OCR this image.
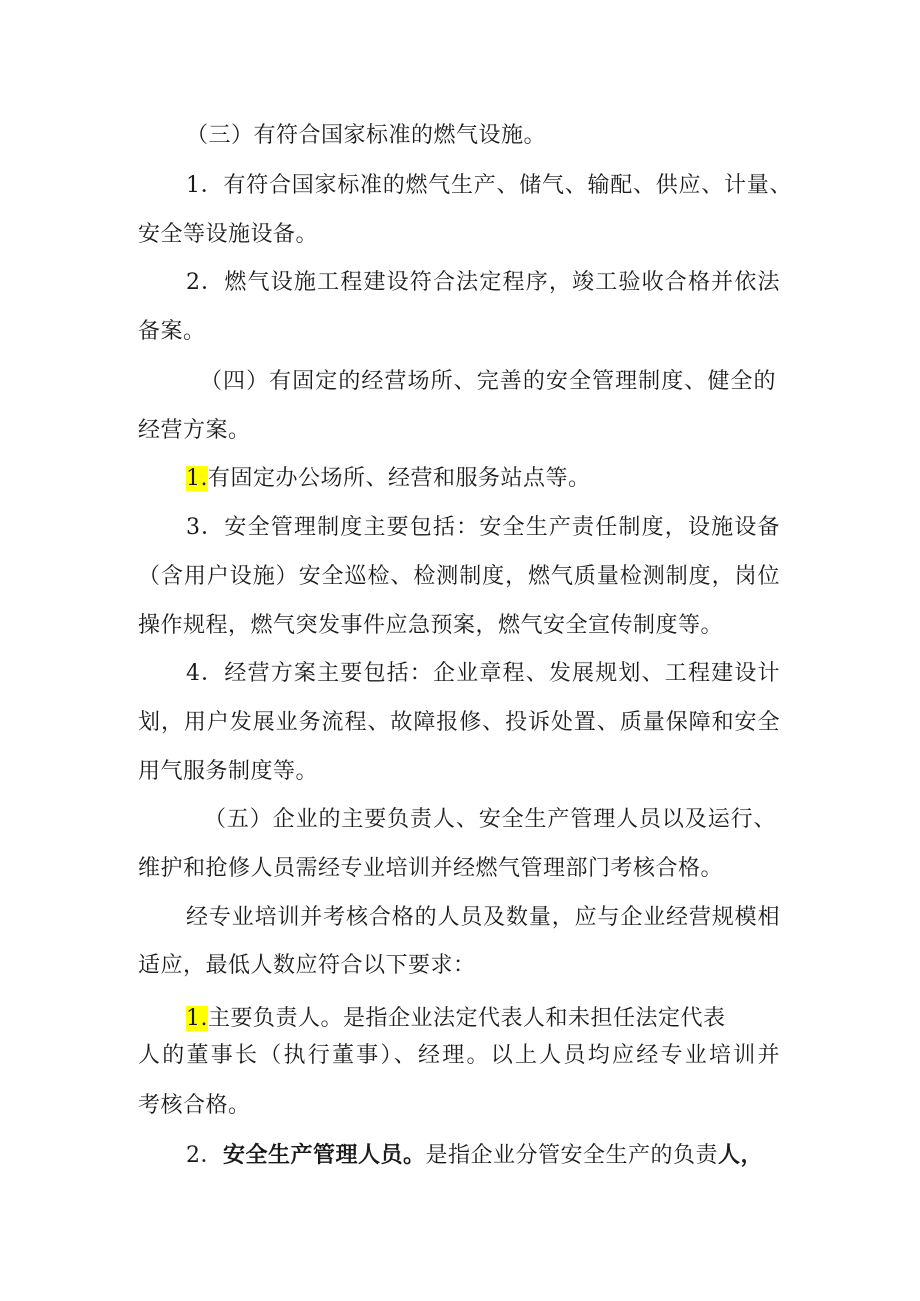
（三）有符合国家标准的燃气设施。
1．有符合国家标准的燃气生产、储气、输配、供应、计量、
安全等设施设备。
2．燃气设施工程建设符合法定程序，竣工验收合格并依法
备案。
（四）有固定的经营场所、完善的安全管理制度、健全的
经营方案。
1.有固定办公场所、经营和服务站点等。
3．安全管理制度主要包括：安全生产责任制度，设施设备
（含用户设施）安全巡检、检测制度，燃气质量检测制度，岗位
操作规程，燃气突发事件应急预案，燃气安全宣传制度等。
4．经营方案主要包括：企业章程、发展规划、工程建设计
划，用户发展业务流程、故障报修、投诉处置、质量保障和安全
用气服务制度等。
（五）企业的主要负责人、安全生产管理人员以及运行、
维护和抢修人员需经专业培训并经燃气管理部门考核合格。
经专业培训并考核合格的人员及数量，应与企业经营规模相
适应，最低人数应符合以下要求：
1.主要负责人。是指企业法定代表人和未担任法定代表
人的董事长（执行董事）、经理。以上人员均应经专业培训并
考核合格。
2．安全生产管理人员。是指企业分管安全生产的负责人，
